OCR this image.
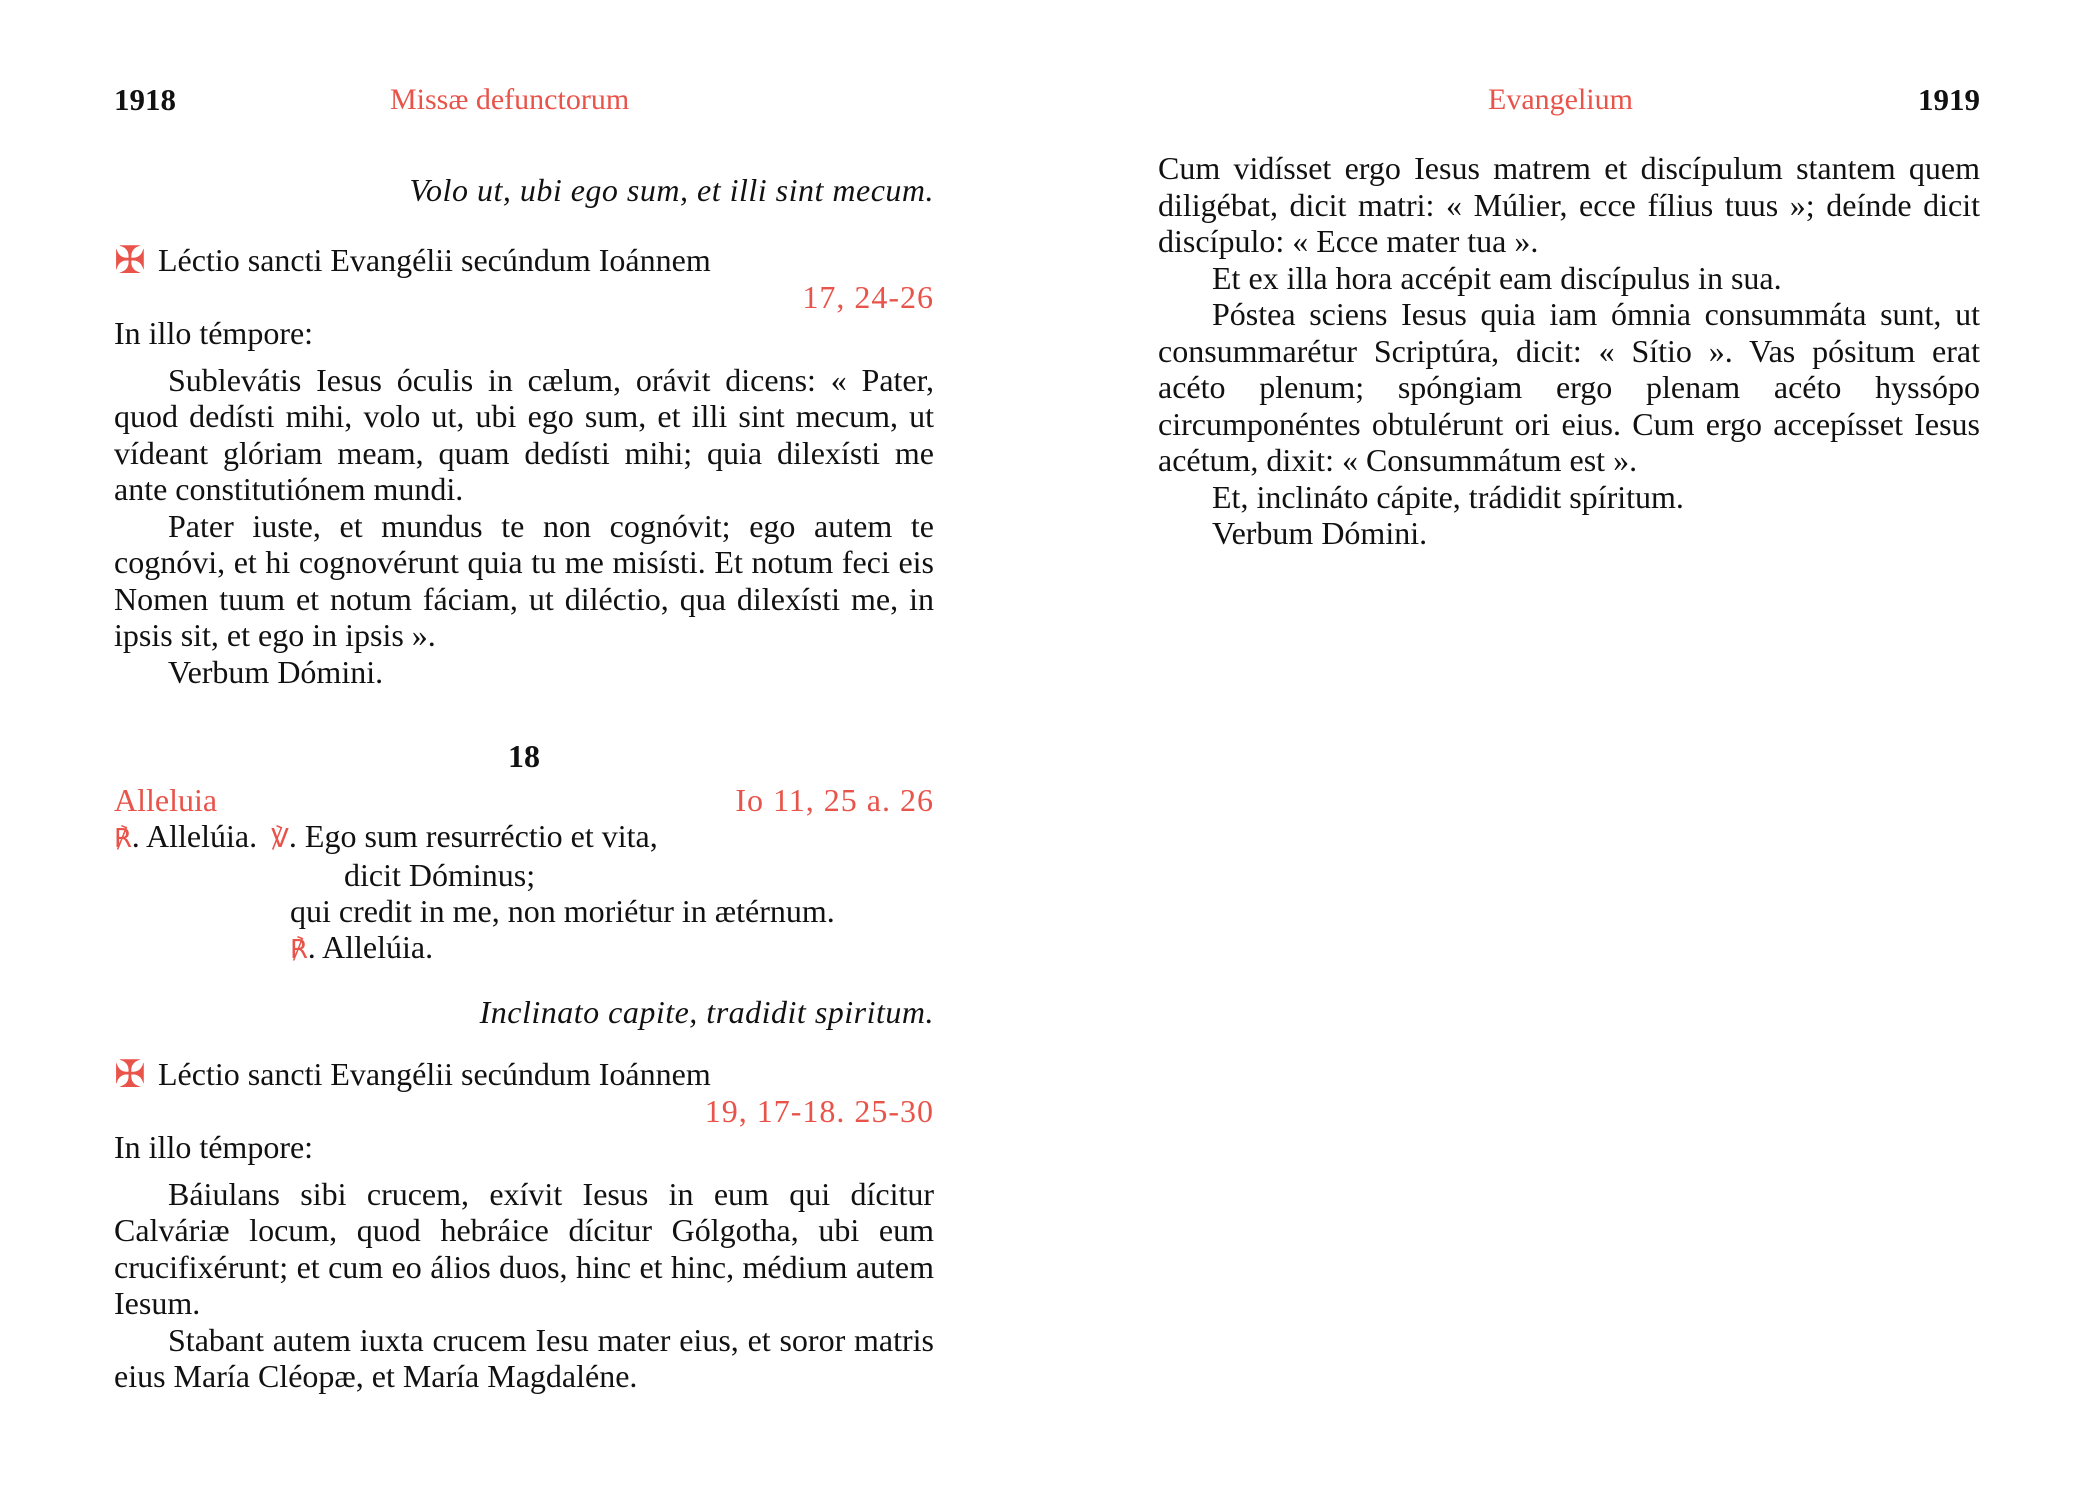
1918	Missæ defunctorum

Volo ut, ubi ego sum, et illi sint mecum.

✠ Léctio sancti Evangélii secúndum Ioánnem

17, 24-26

In illo témpore:

Sublevátis Iesus óculis in cælum, orávit dicens: « Pater, quod dedísti mihi, volo ut, ubi ego sum, et illi sint mecum, ut vídeant glóriam meam, quam dedísti mihi; quia dilexísti me ante constitutiónem mundi.

Pater iuste, et mundus te non cognóvit; ego autem te cognóvi, et hi cognovérunt quia tu me misísti. Et notum feci eis Nomen tuum et notum fáciam, ut diléctio, qua dilexísti me, in ipsis sit, et ego in ipsis ».

Verbum Dómini.

18

Alleluia	Io 11, 25 a. 26
℟. Allelúia. ℣. Ego sum resurréctio et vita,
dicit Dóminus;
qui credit in me, non moriétur in ætérnum.
℟. Allelúia.

Inclinato capite, tradidit spiritum.

✠ Léctio sancti Evangélii secúndum Ioánnem

19, 17-18. 25-30

In illo témpore:

Báiulans sibi crucem, exívit Iesus in eum qui dícitur Calváriæ locum, quod hebráice dícitur Gólgotha, ubi eum crucifixérunt; et cum eo álios duos, hinc et hinc, médium autem Iesum.

Stabant autem iuxta crucem Iesu mater eius, et soror matris eius María Cléopæ, et María Magdaléne.

Evangelium	1919

Cum vidísset ergo Iesus matrem et discípulum stantem quem diligébat, dicit matri: « Múlier, ecce fílius tuus »; deínde dicit discípulo: « Ecce mater tua ».

Et ex illa hora accépit eam discípulus in sua.

Póstea sciens Iesus quia iam ómnia consummáta sunt, ut consummarétur Scriptúra, dicit: « Sítio ». Vas pósitum erat acéto plenum; spóngiam ergo plenam acéto hyssópo circumponéntes obtulérunt ori eius. Cum ergo accepísset Iesus acétum, dixit: « Consummátum est ».

Et, inclináto cápite, trádidit spíritum.

Verbum Dómini.
